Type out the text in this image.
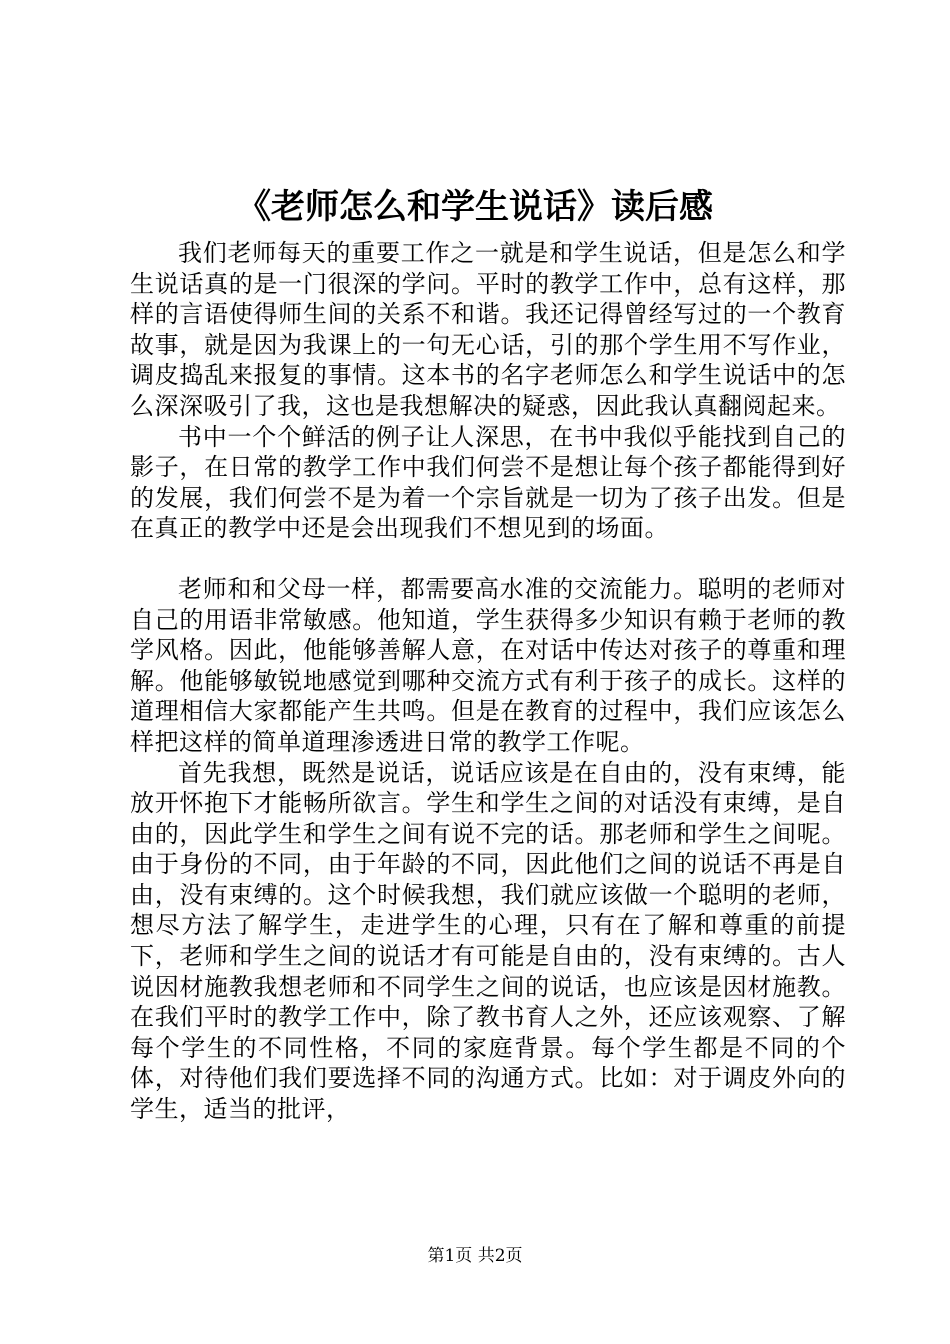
《老师怎么和学生说话》读后感

我们老师每天的重要工作之一就是和学生说话，但是怎么和学生说话真的是一门很深的学问。平时的教学工作中，总有这样，那样的言语使得师生间的关系不和谐。我还记得曾经写过的一个教育故事，就是因为我课上的一句无心话，引的那个学生用不写作业，调皮捣乱来报复的事情。这本书的名字老师怎么和学生说话中的怎么深深吸引了我，这也是我想解决的疑惑，因此我认真翻阅起来。

书中一个个鲜活的例子让人深思，在书中我似乎能找到自己的影子，在日常的教学工作中我们何尝不是想让每个孩子都能得到好的发展，我们何尝不是为着一个宗旨就是一切为了孩子出发。但是在真正的教学中还是会出现我们不想见到的场面。

老师和和父母一样，都需要高水准的交流能力。聪明的老师对自己的用语非常敏感。他知道，学生获得多少知识有赖于老师的教学风格。因此，他能够善解人意，在对话中传达对孩子的尊重和理解。他能够敏锐地感觉到哪种交流方式有利于孩子的成长。这样的道理相信大家都能产生共鸣。但是在教育的过程中，我们应该怎么样把这样的简单道理渗透进日常的教学工作呢。

首先我想，既然是说话，说话应该是在自由的，没有束缚，能放开怀抱下才能畅所欲言。学生和学生之间的对话没有束缚，是自由的，因此学生和学生之间有说不完的话。那老师和学生之间呢。由于身份的不同，由于年龄的不同，因此他们之间的说话不再是自由，没有束缚的。这个时候我想，我们就应该做一个聪明的老师，想尽方法了解学生，走进学生的心理，只有在了解和尊重的前提下，老师和学生之间的说话才有可能是自由的，没有束缚的。古人说因材施教我想老师和不同学生之间的说话，也应该是因材施教。在我们平时的教学工作中，除了教书育人之外，还应该观察、了解每个学生的不同性格，不同的家庭背景。每个学生都是不同的个体，对待他们我们要选择不同的沟通方式。比如：对于调皮外向的学生，适当的批评，

第1页 共2页
